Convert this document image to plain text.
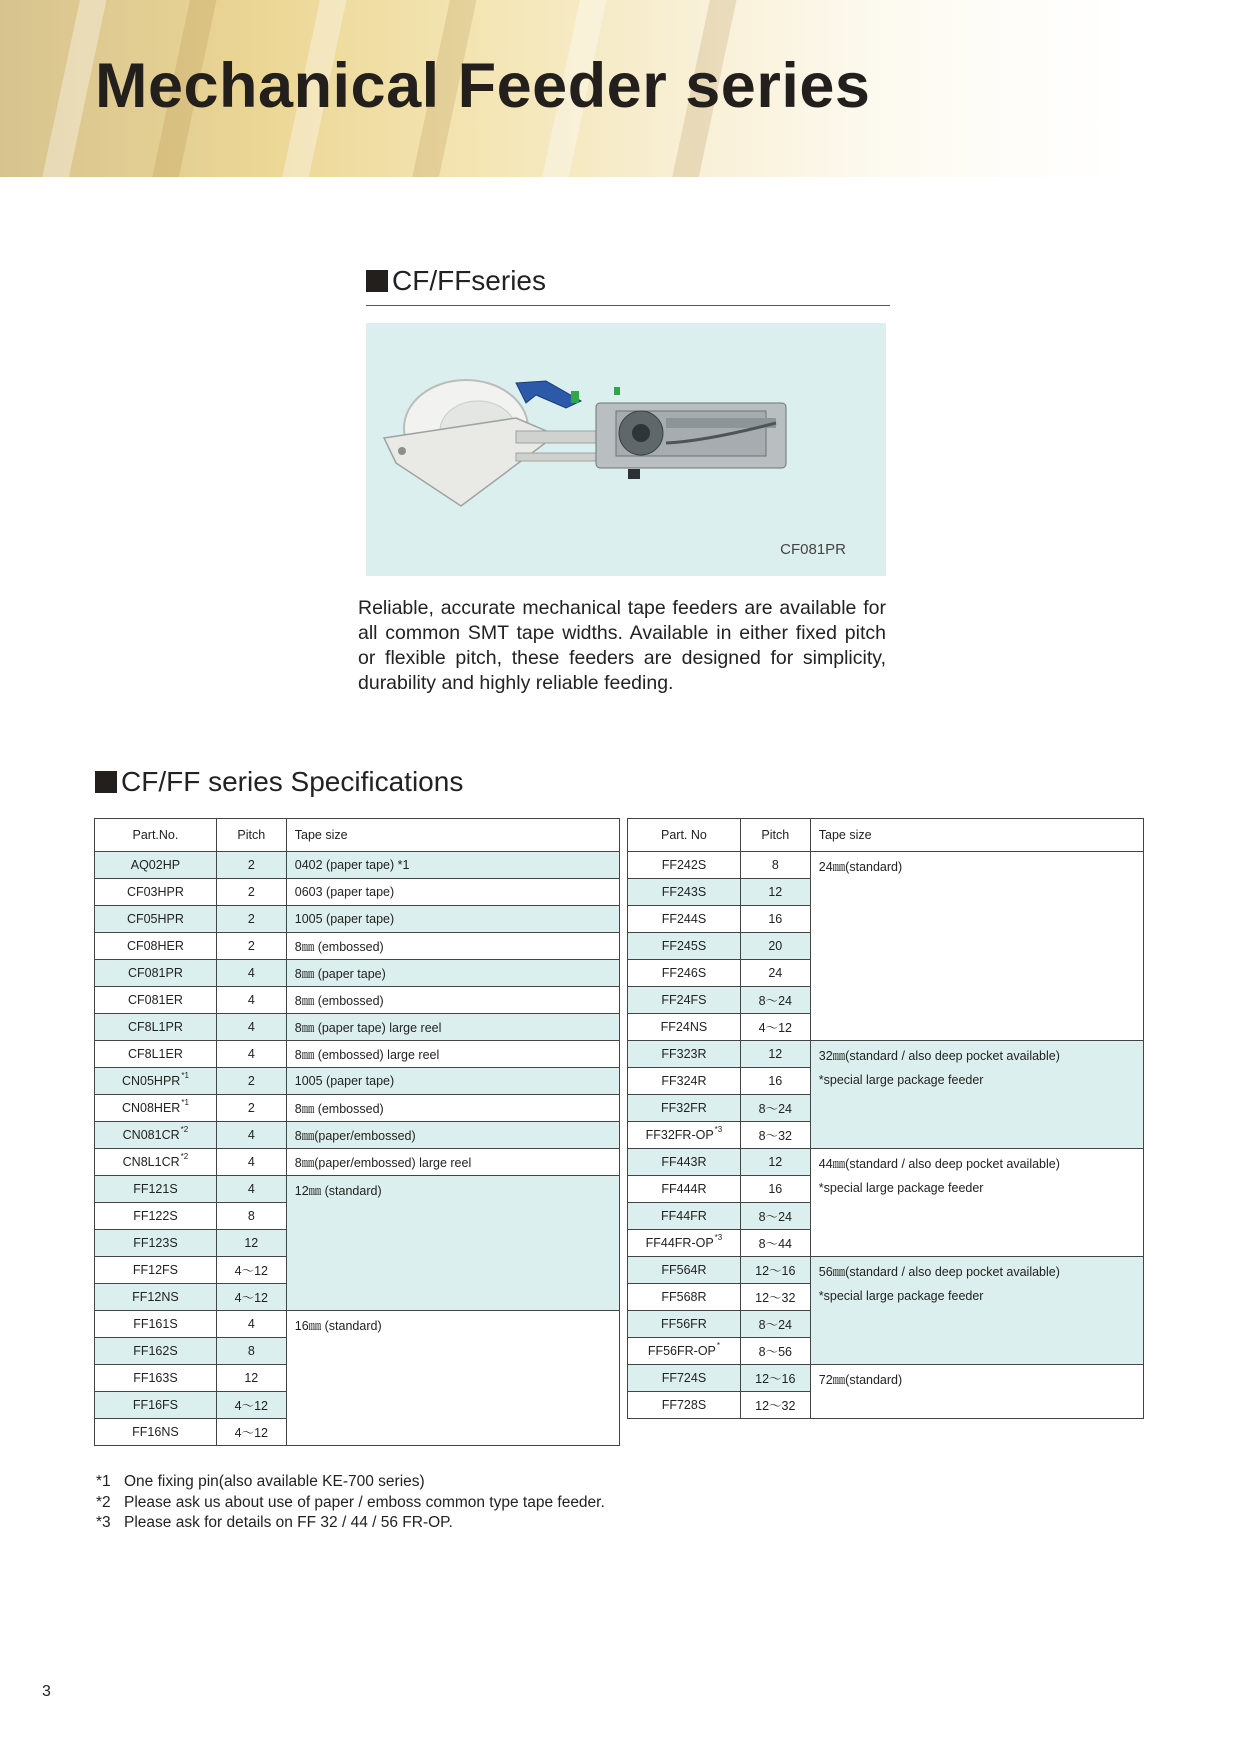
Mechanical Feeder series
CF/FFseries
CF081PR

Reliable, accurate mechanical tape feeders are available for all common SMT tape widths. Available in either fixed pitch or flexible pitch, these feeders are designed for simplicity, durability and highly reliable feeding.

CF/FF series Specifications
Part.No.	Pitch	Tape size
AQ02HP	2	0402 (paper tape) *1
CF03HPR	2	0603 (paper tape)
CF05HPR	2	1005 (paper tape)
CF08HER	2	8㎜ (embossed)
CF081PR	4	8㎜ (paper tape)
CF081ER	4	8㎜ (embossed)
CF8L1PR	4	8㎜ (paper tape) large reel
CF8L1ER	4	8㎜ (embossed) large reel
CN05HPR$^{*1}$	2	1005 (paper tape)
CN08HER$^{*1}$	2	8㎜ (embossed)
CN081CR$^{*2}$	4	8㎜(paper/embossed)
CN8L1CR$^{*2}$	4	8㎜(paper/embossed) large reel
FF121S	4	12㎜ (standard)
FF122S	8	
FF123S	12	
FF12FS	4～12	
FF12NS	4～12	
FF161S	4	16㎜ (standard)
FF162S	8	
FF163S	12	
FF16FS	4～12	
FF16NS	4～12	
Part. No	Pitch	Tape size
FF242S	8	24㎜(standard)

FF243S	12	
FF244S	16	
FF245S	20	
FF246S	24	
FF24FS	8～24	
FF24NS	4～12	
FF323R	12	32㎜(standard / also deep pocket available)
*special large package feeder

FF324R	16	
FF32FR	8～24	
FF32FR-OP$^{*3}$	8～32	
FF443R	12	44㎜(standard / also deep pocket available)
*special large package feeder

FF444R	16	
FF44FR	8～24	
FF44FR-OP$^{*3}$	8～44	
FF564R	12～16	56㎜(standard / also deep pocket available)
*special large package feeder

FF568R	12～32	
FF56FR	8～24	
FF56FR-OP*	8～56	
FF724S	12～16	72㎜(standard)

FF728S	12～32	
*1 One fixing pin(also available KE-700 series)
*2 Please ask us about use of paper / emboss common type tape feeder.
*3 Please ask for details on FF 32 / 44 / 56 FR-OP.
3
